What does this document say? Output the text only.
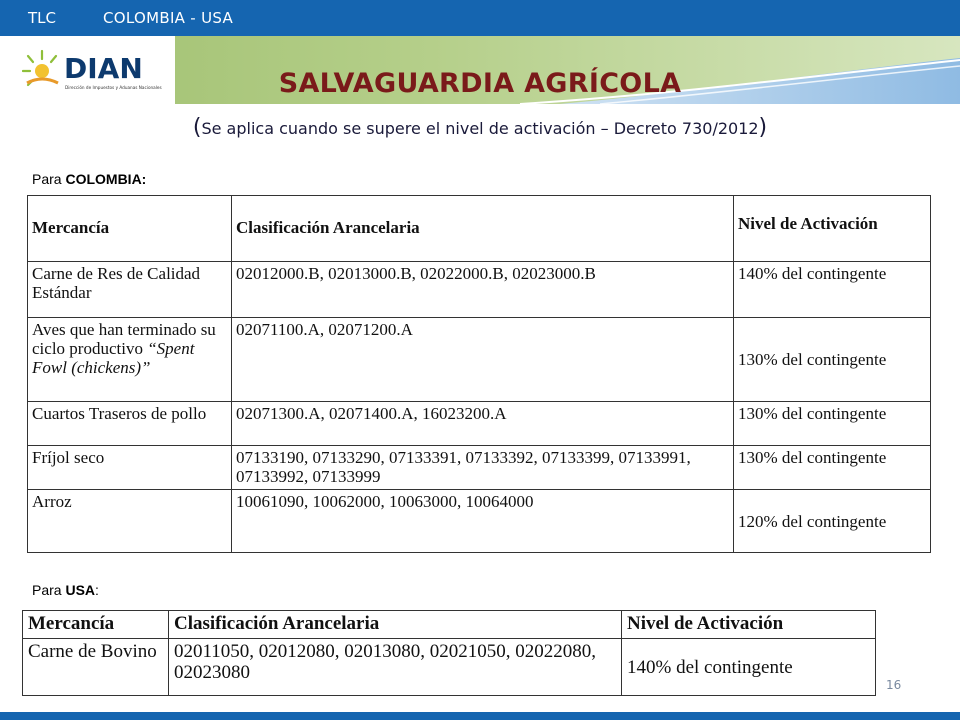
TLC	COLOMBIA - USA
DIAN
Dirección de Impuestos y Aduanas Nacionales	SALVAGUARDIA AGRÍCOLA
(Se aplica cuando se supere el nivel de activación – Decreto 730/2012)
Para COLOMBIA:
Mercancía	Clasificación Arancelaria	Nivel de Activación
Carne de Res de Calidad Estándar	02012000.B, 02013000.B, 02022000.B, 02023000.B	140% del contingente
Aves que han terminado su ciclo productivo “Spent Fowl (chickens)”	02071100.A, 02071200.A	130% del contingente
Cuartos Traseros de pollo	02071300.A, 02071400.A, 16023200.A	130% del contingente
Fríjol seco	07133190, 07133290, 07133391, 07133392, 07133399, 07133991, 07133992, 07133999	130% del contingente
Arroz	10061090, 10062000, 10063000, 10064000	120% del contingente
Para USA:
Mercancía	Clasificación Arancelaria	Nivel de Activación
Carne de Bovino	02011050, 02012080, 02013080, 02021050, 02022080, 02023080	140% del contingente
16
